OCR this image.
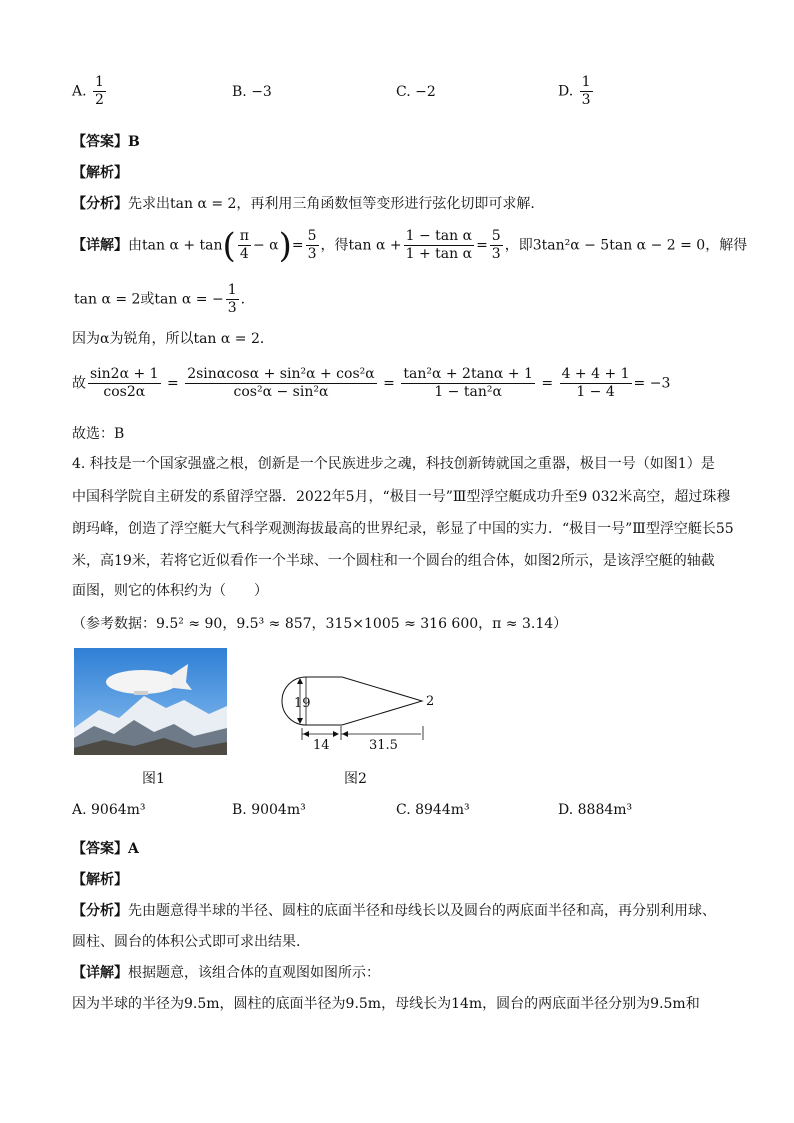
A. $\frac{1}{2}$	B. −3	C. −2	D. $\frac{1}{3}$
【答案】B
【解析】
【分析】先求出tan α = 2，再利用三角函数恒等变形进行弦化切即可求解.
【详解】由$\tan \alpha + \tan( \frac{\pi}{4} - \alpha)= \frac{5}{3}$ ，得$\tan \alpha + \frac{\text{1 − tan α}}{\text{1 + tan α}} = \frac{5}{3}$ ，即3tan²α − 5tan α − 2 = 0，解得
tan α = 2或tan α = − $\frac{1}{3}$ .
因为α为锐角，所以tan α = 2．
故 $\frac{\sin 2\alpha + 1}{\cos 2\alpha} = \frac{\text{2sinαcosα + sin²α + cos²α}}{\text{cos²α − sin²α}} = \frac{\text{tan²α + 2tanα + 1}}{\text{1 − tan²α}} = \frac{4 + 4 + 1}{1 - 4} = -3$
故选：B
4. 科技是一个国家强盛之根，创新是一个民族进步之魂，科技创新铸就国之重器，极目一号（如图1）是
中国科学院自主研发的系留浮空器．2022年5月，“极目一号”Ⅲ型浮空艇成功升至9 032米高空，超过珠穆
朗玛峰，创造了浮空艇大气科学观测海拔最高的世界纪录，彰显了中国的实力．“极目一号”Ⅲ型浮空艇长55
米，高19米，若将它近似看作一个半球、一个圆柱和一个圆台的组合体，如图2所示，是该浮空艇的轴截
面图，则它的体积约为（　　）
（参考数据：9.5² ≈ 90，9.5³ ≈ 857，315×1005 ≈ 316 600，π ≈ 3.14）
19	2
14	31.5
图1	图2
A. 9064m³	B. 9004m³	C. 8944m³	D. 8884m³
【答案】A
【解析】
【分析】先由题意得半球的半径、圆柱的底面半径和母线长以及圆台的两底面半径和高，再分别利用球、
圆柱、圆台的体积公式即可求出结果.
【详解】根据题意，该组合体的直观图如图所示：
因为半球的半径为9.5m，圆柱的底面半径为9.5m，母线长为14m，圆台的两底面半径分别为9.5m和
